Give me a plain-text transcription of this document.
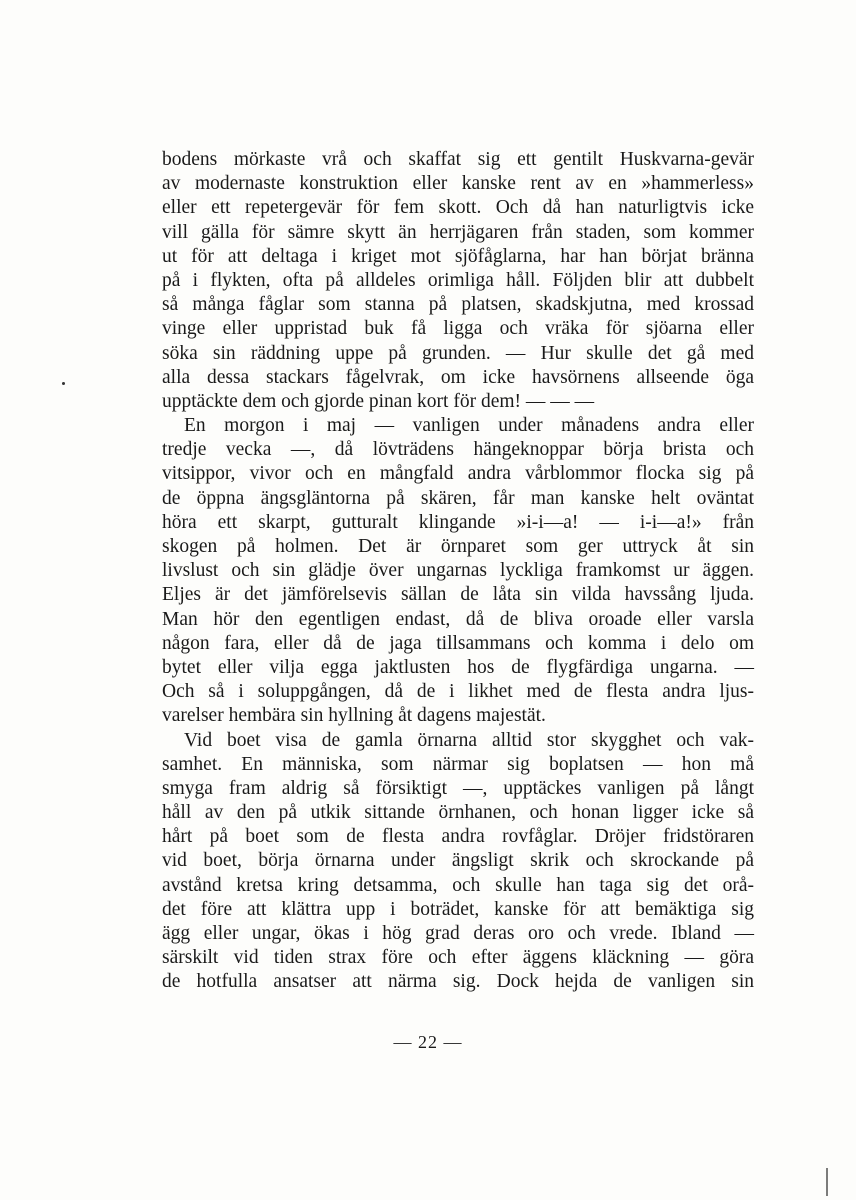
bodens mörkaste vrå och skaffat sig ett gentilt Huskvarna-gevär
av modernaste konstruktion eller kanske rent av en »hammerless»
eller ett repetergevär för fem skott. Och då han naturligtvis icke
vill gälla för sämre skytt än herrjägaren från staden, som kommer
ut för att deltaga i kriget mot sjöfåglarna, har han börjat bränna
på i flykten, ofta på alldeles orimliga håll. Följden blir att dubbelt
så många fåglar som stanna på platsen, skadskjutna, med krossad
vinge eller uppristad buk få ligga och vräka för sjöarna eller
söka sin räddning uppe på grunden. — Hur skulle det gå med
alla dessa stackars fågelvrak, om icke havsörnens allseende öga
upptäckte dem och gjorde pinan kort för dem! — — —
En morgon i maj — vanligen under månadens andra eller
tredje vecka —, då lövträdens hängeknoppar börja brista och
vitsippor, vivor och en mångfald andra vårblommor flocka sig på
de öppna ängsgläntorna på skären, får man kanske helt oväntat
höra ett skarpt, gutturalt klingande »i-i—a! — i-i—a!» från
skogen på holmen. Det är örnparet som ger uttryck åt sin
livslust och sin glädje över ungarnas lyckliga framkomst ur äggen.
Eljes är det jämförelsevis sällan de låta sin vilda havssång ljuda.
Man hör den egentligen endast, då de bliva oroade eller varsla
någon fara, eller då de jaga tillsammans och komma i delo om
bytet eller vilja egga jaktlusten hos de flygfärdiga ungarna. —
Och så i soluppgången, då de i likhet med de flesta andra ljus-
varelser hembära sin hyllning åt dagens majestät.
Vid boet visa de gamla örnarna alltid stor skygghet och vak-
samhet. En människa, som närmar sig boplatsen — hon må
smyga fram aldrig så försiktigt —, upptäckes vanligen på långt
håll av den på utkik sittande örnhanen, och honan ligger icke så
hårt på boet som de flesta andra rovfåglar. Dröjer fridstöraren
vid boet, börja örnarna under ängsligt skrik och skrockande på
avstånd kretsa kring detsamma, och skulle han taga sig det orå-
det före att klättra upp i boträdet, kanske för att bemäktiga sig
ägg eller ungar, ökas i hög grad deras oro och vrede. Ibland —
särskilt vid tiden strax före och efter äggens kläckning — göra
de hotfulla ansatser att närma sig. Dock hejda de vanligen sin
— 22 —
